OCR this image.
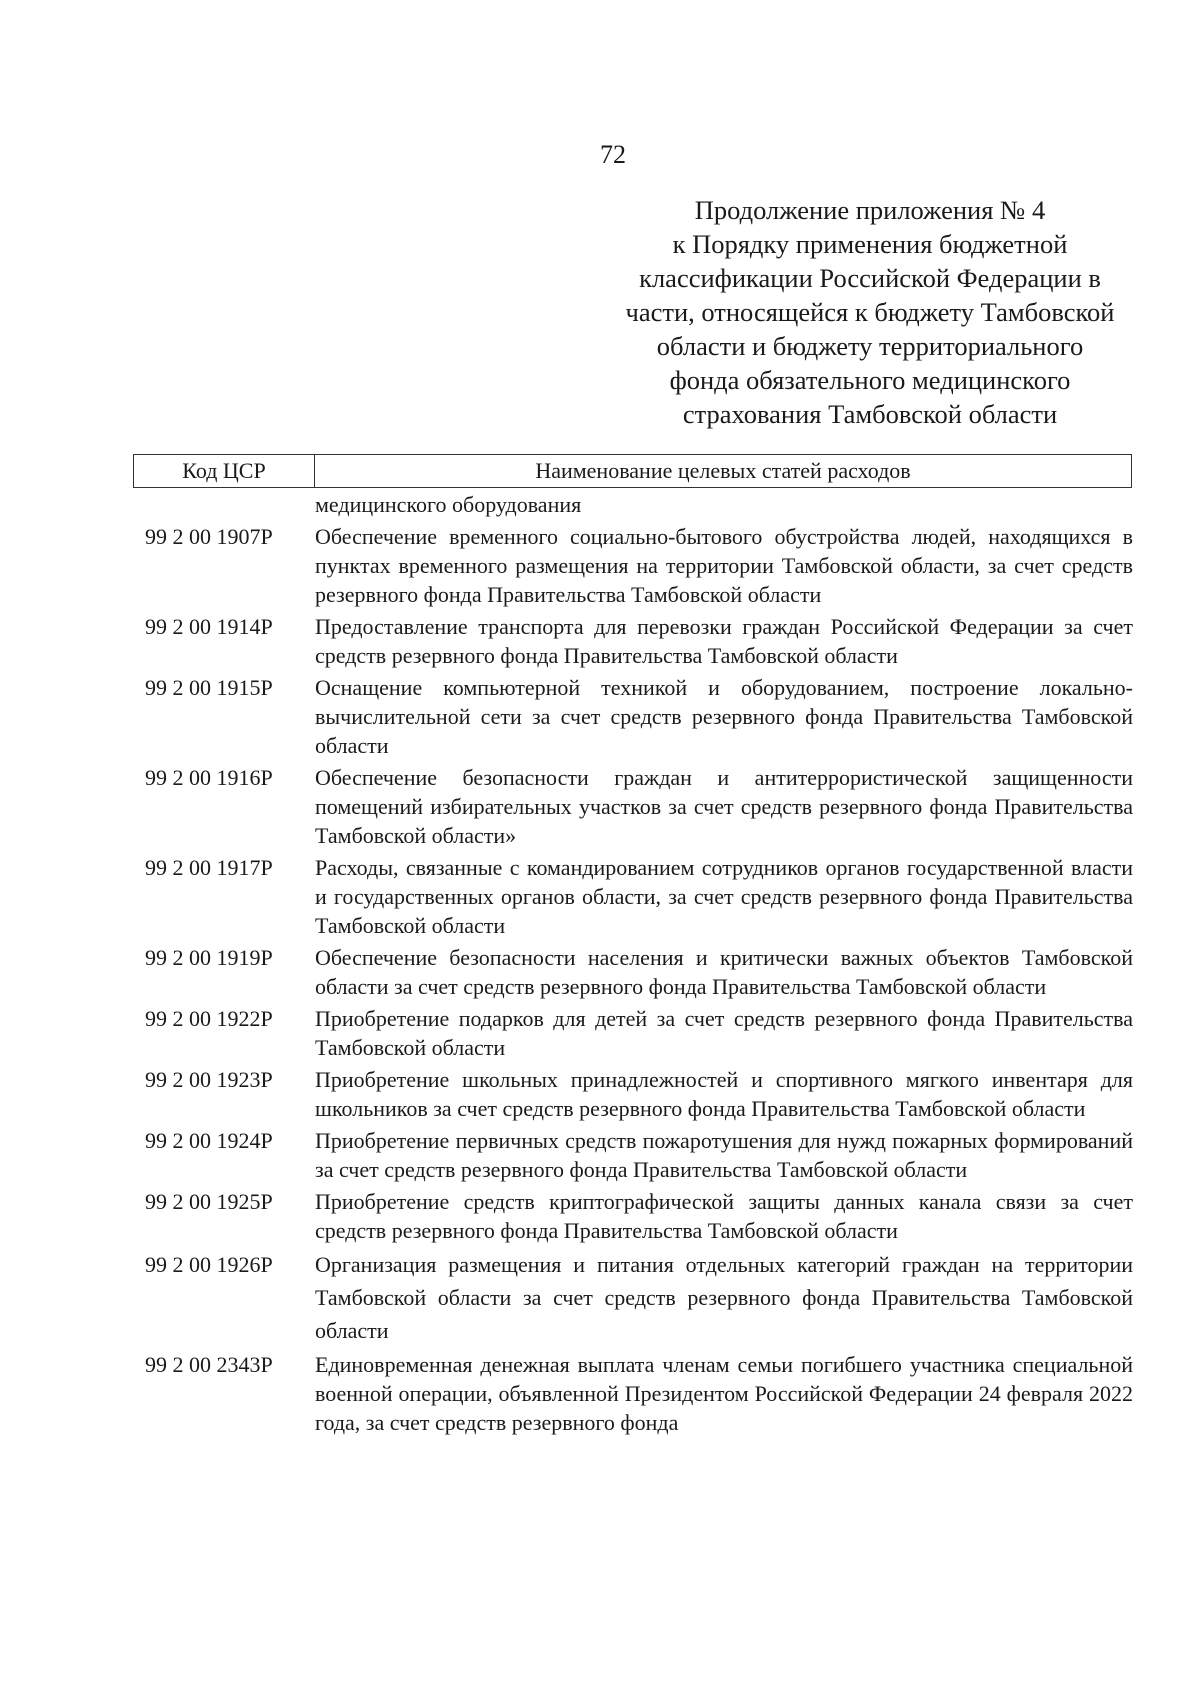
72
Продолжение приложения № 4
к Порядку применения бюджетной
классификации Российской Федерации в
части, относящейся к бюджету Тамбовской
области и бюджету территориального
фонда обязательного медицинского
страхования Тамбовской области
Код ЦСР	Наименование целевых статей расходов
медицинского оборудования
99 2 00 1907Р	Обеспечение временного социально-бытового обустройства людей, находящихся в пунктах временного размещения на территории Тамбовской области, за счет средств резервного фонда Правительства Тамбовской области
99 2 00 1914Р	Предоставление транспорта для перевозки граждан Российской Федерации за счет средств резервного фонда Правительства Тамбовской области
99 2 00 1915Р	Оснащение компьютерной техникой и оборудованием, построение локально-вычислительной сети за счет средств резервного фонда Правительства Тамбовской области
99 2 00 1916Р	Обеспечение безопасности граждан и антитеррористической защищенности помещений избирательных участков за счет средств резервного фонда Правительства Тамбовской области»
99 2 00 1917Р	Расходы, связанные с командированием сотрудников органов государственной власти и государственных органов области, за счет средств резервного фонда Правительства Тамбовской области
99 2 00 1919Р	Обеспечение безопасности населения и критически важных объектов Тамбовской области за счет средств резервного фонда Правительства Тамбовской области
99 2 00 1922Р	Приобретение подарков для детей за счет средств резервного фонда Правительства Тамбовской области
99 2 00 1923Р	Приобретение школьных принадлежностей и спортивного мягкого инвентаря для школьников за счет средств резервного фонда Правительства Тамбовской области
99 2 00 1924Р	Приобретение первичных средств пожаротушения для нужд пожарных формирований за счет средств резервного фонда Правительства Тамбовской области
99 2 00 1925Р	Приобретение средств криптографической защиты данных канала связи за счет средств резервного фонда Правительства Тамбовской области
99 2 00 1926Р	Организация размещения и питания отдельных категорий граждан на территории Тамбовской области за счет средств резервного фонда Правительства Тамбовской области
99 2 00 2343Р	Единовременная денежная выплата членам семьи погибшего участника специальной военной операции, объявленной Президентом Российской Федерации 24 февраля 2022 года, за счет средств резервного фонда
